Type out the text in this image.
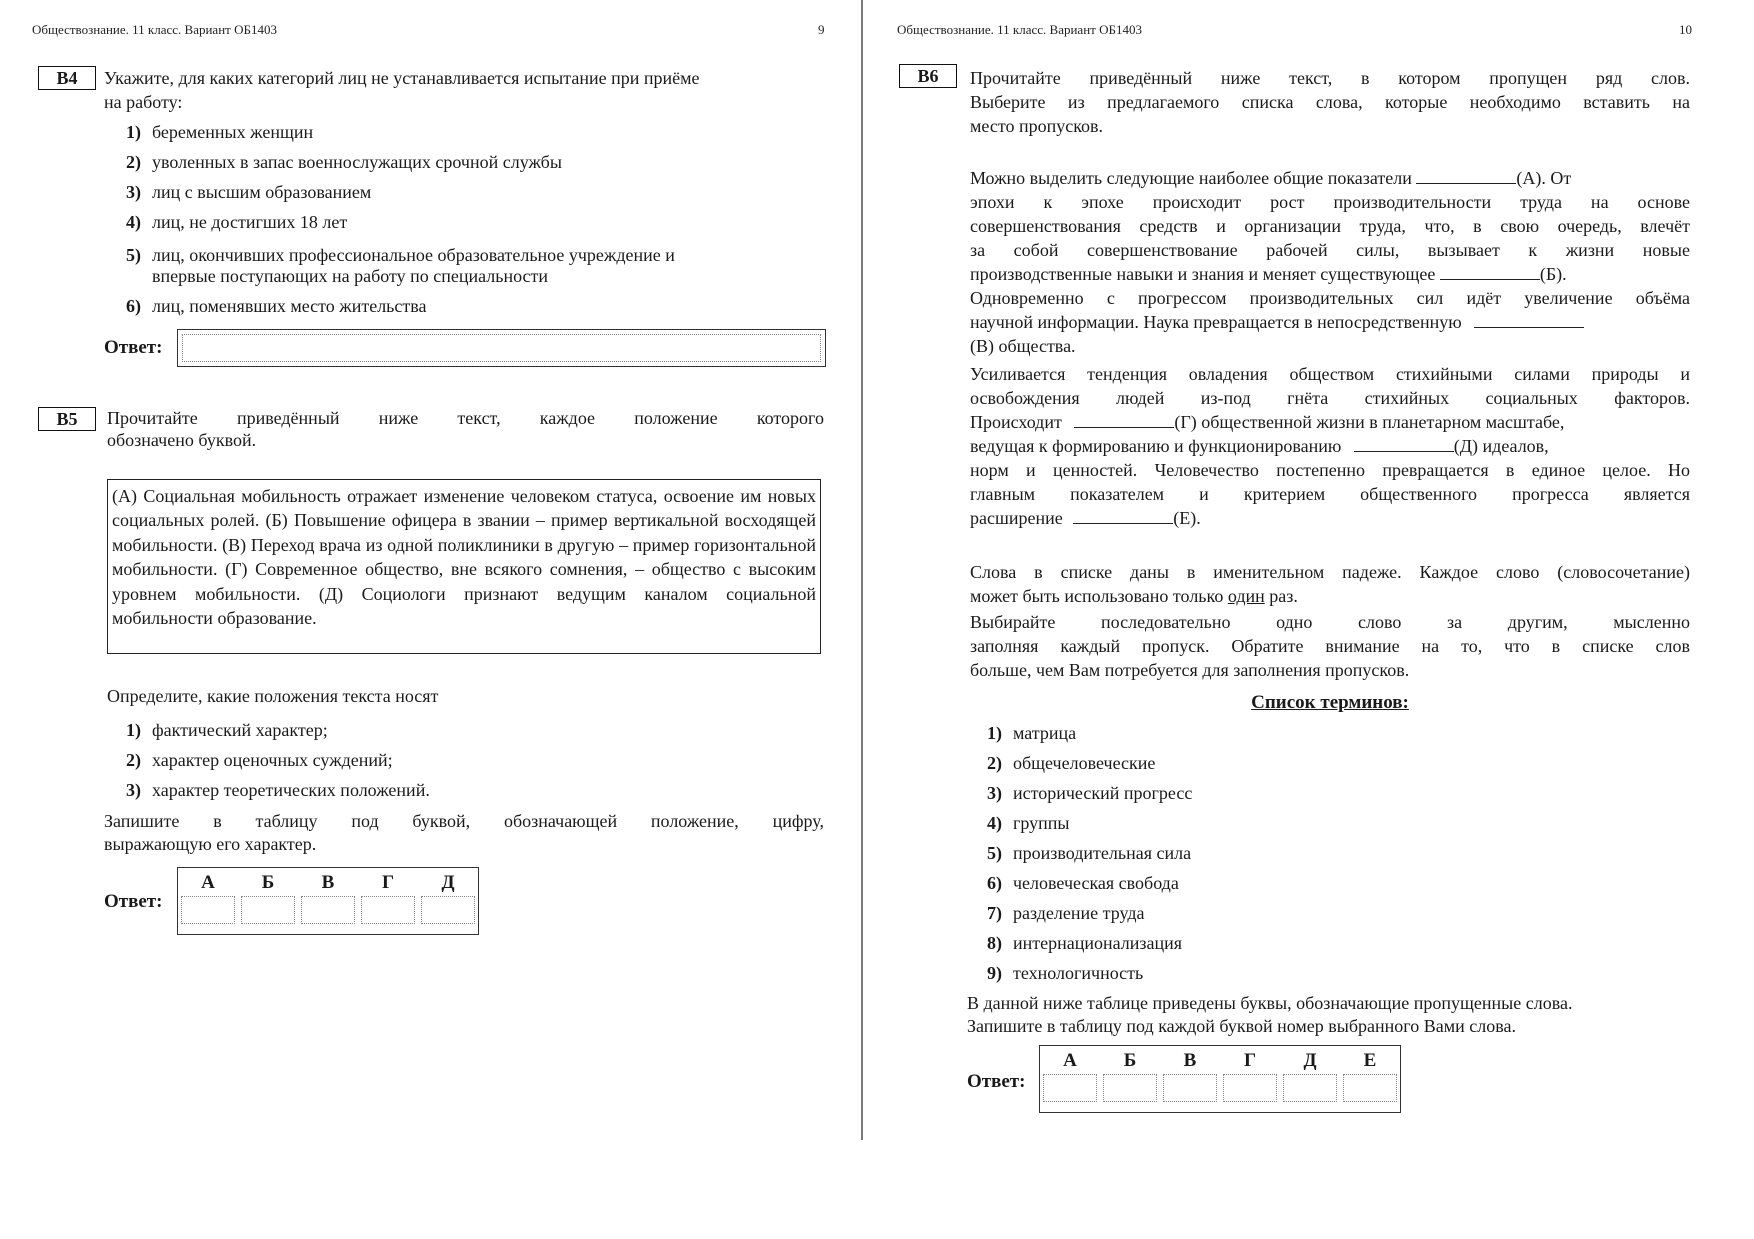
Обществознание. 11 класс. Вариант ОБ1403	9
B4	Укажите, для каких категорий лиц не устанавливается испытание при приёме
на работу:
1) беременных женщин
2) уволенных в запас военнослужащих срочной службы
3) лиц с высшим образованием
4) лиц, не достигших 18 лет
5) лиц, окончивших профессиональное образовательное учреждение и
впервые поступающих на работу по специальности
6) лиц, поменявших место жительства
Ответ:
B5	Прочитайте приведённый ниже текст, каждое положение которого
обозначено буквой.
(А) Социальная мобильность отражает изменение человеком статуса, освоение им новых социальных ролей. (Б) Повышение офицера в звании – пример вертикальной восходящей мобильности. (В) Переход врача из одной поликлиники в другую – пример горизонтальной мобильности. (Г) Современное общество, вне всякого сомнения, – общество с высоким уровнем мобильности. (Д) Социологи признают ведущим каналом социальной мобильности образование.
Определите, какие положения текста носят
1) фактический характер;
2) характер оценочных суждений;
3) характер теоретических положений.
Запишите в таблицу под буквой, обозначающей положение, цифру,
выражающую его характер.
Ответ:
А	Б	В	Г	Д
Обществознание. 11 класс. Вариант ОБ1403	10
B6	Прочитайте приведённый ниже текст, в котором пропущен ряд слов.
Выберите из предлагаемого списка слова, которые необходимо вставить на
место пропусков.
Можно выделить следующие наиболее общие показатели	(А). От
эпохи к эпохе происходит рост производительности труда на основе
совершенствования средств и организации труда, что, в свою очередь, влечёт
за собой совершенствование рабочей силы, вызывает к жизни новые
производственные навыки и знания и меняет существующее	(Б).
Одновременно с прогрессом производительных сил идёт увеличение объёма
научной информации. Наука превращается в непосредственную
(В) общества.
Усиливается тенденция овладения обществом стихийными силами природы и
освобождения людей из-под гнёта стихийных социальных факторов.
Происходит	(Г) общественной жизни в планетарном масштабе,
ведущая к формированию и функционированию	(Д) идеалов,
норм и ценностей. Человечество постепенно превращается в единое целое. Но
главным показателем и критерием общественного прогресса является
расширение	(Е).
Слова в списке даны в именительном падеже. Каждое слово (словосочетание)
может быть использовано только один раз.
Выбирайте последовательно одно слово за другим, мысленно
заполняя каждый пропуск. Обратите внимание на то, что в списке слов
больше, чем Вам потребуется для заполнения пропусков.
Список терминов:
1) матрица
2) общечеловеческие
3) исторический прогресс
4) группы
5) производительная сила
6) человеческая свобода
7) разделение труда
8) интернационализация
9) технологичность
В данной ниже таблице приведены буквы, обозначающие пропущенные слова.
Запишите в таблицу под каждой буквой номер выбранного Вами слова.
Ответ:
А	Б	В	Г	Д	Е
